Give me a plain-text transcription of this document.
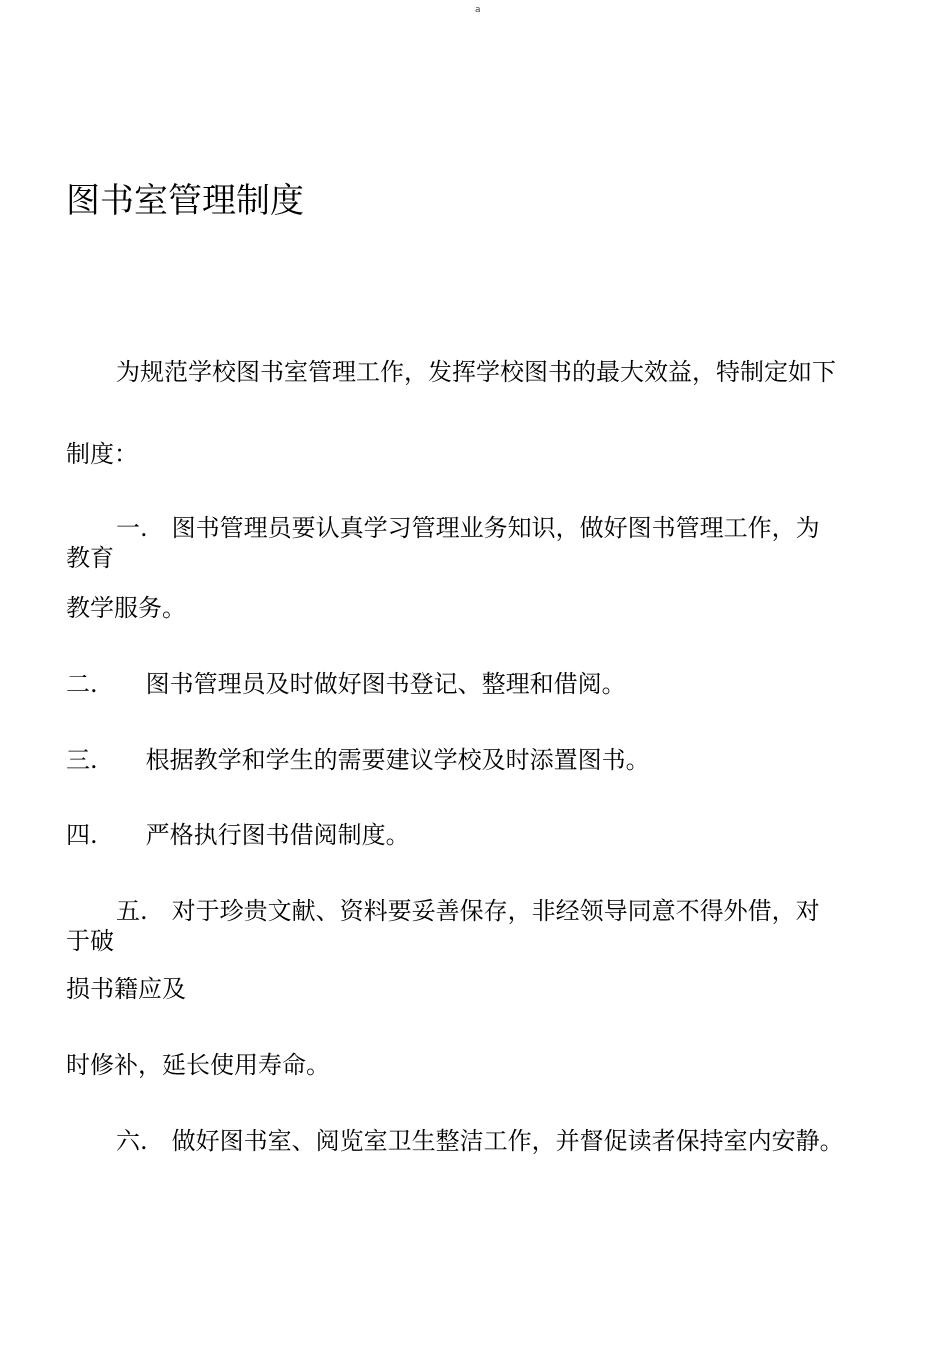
a
图书室管理制度

为规范学校图书室管理工作，发挥学校图书的最大效益，特制定如下

制度：

一.　图书管理员要认真学习管理业务知识，做好图书管理工作，为

教育

教学服务。

二.　　图书管理员及时做好图书登记、整理和借阅。

三.　　根据教学和学生的需要建议学校及时添置图书。

四.　　严格执行图书借阅制度。

五.　对于珍贵文献、资料要妥善保存，非经领导同意不得外借，对

于破

损书籍应及

时修补，延长使用寿命。

六.　做好图书室、阅览室卫生整洁工作，并督促读者保持室内安静。
